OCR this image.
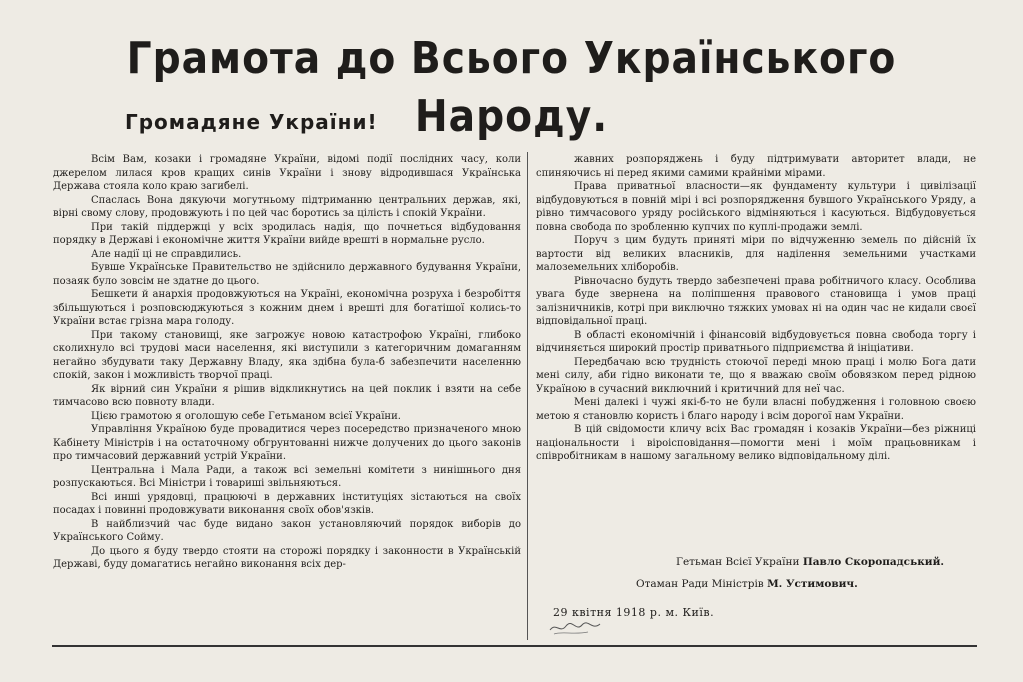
Грамота до Всього Українського Народу.
Громадяне України!

Всім Вам, козаки і громадяне України, відомі події послідних часу, коли джерелом лилася кров кращих синів України і знову відродившася Українська Держава стояла коло краю загибелі.

Спаслась Вона дякуючи могутньому підтриманню центральних держав, які, вірні свому слову, продовжують і по цей час боротись за цілість і спокій України.

При такій піддержці у всіх зродилась надія, що почнеться відбудовання порядку в Державі і економічне життя України вийде врешті в нормальне русло.

Але надії ці не справдились.

Бувше Українське Правительство не здійснило державного будування України, позаяк було зовсім не здатне до цього.

Бешкети й анархія продовжуються на Україні, економічна розруха і безробіття збільшуються і розповсюджуються з кожним днем і врешті для богатішої колись-то України встає грізна мара голоду.

При такому становищі, яке загрожує новою катастрофою Україні, глибоко сколихнуло всі трудові маси населення, які виступили з категоричним домаганням негайно збудувати таку Державну Владу, яка здібна була-б забезпечити населенню спокій, закон і можливість творчої праці.

Як вірний син України я рішив відкликнутись на цей поклик і взяти на себе тимчасово всю повноту влади.

Цією грамотою я оголошую себе Гетьманом всієї України.

Управління Україною буде провадитися через посередство призначеного мною Кабінету Міністрів і на остаточному обгрунтованні нижче долучених до цього законів про тимчасовий державний устрій України.

Центральна і Мала Ради, а також всі земельні комітети з нинішнього дня розпускаються. Всі Міністри і товариші звільняються.

Всі инші урядовці, працюючі в державних інституціях зістаються на своїх посадах і повинні продовжувати виконання своїх обов'язків.

В найблизчий час буде видано закон установляючий порядок виборів до Українського Сойму.

До цього я буду твердо стояти на сторожі порядку і законности в Українській Державі, буду домагатись негайно виконання всіх дер-

жавних розпоряджень і буду підтримувати авторитет влади, не спиняючись ні перед якими самими крайніми мірами.

Права приватньої власности—як фундаменту культури і цивілізації відбудовуються в повній мірі і всі розпорядження бувшого Українського Уряду, а рівно тимчасового уряду російського відміняються і касуються. Відбудовується повна свобода по зробленню купчих по куплі-продажи землі.

Поруч з цим будуть приняті міри по відчуженню земель по дійсній їх вартости від великих власників, для наділення земельними участками малоземельних хліборобів.

Рівночасно будуть твердо забезпечені права робітничого класу. Особлива увага буде звернена на поліпшення правового становища і умов праці залізничників, котрі при виключно тяжких умовах ні на один час не кидали своєї відповідальної праці.

В області економічній і фінансовій відбудовується повна свобода торгу і відчиняється широкий простір приватнього підприємства й ініціативи.

Передбачаю всю трудність стоючої переді мною праці і молю Бога дати мені силу, аби гідно виконати те, що я вважаю своїм обовязком перед рідною Україною в сучасний виключний і критичний для неї час.

Мені далекі і чужі які-б-то не були власні побудження і головною своєю метою я становлю користь і благо народу і всім дорогої нам України.

В цій свідомости кличу всіх Вас громадян і козаків України—без ріжниці національности і віроісповідання—помогти мені і моїм працьовникам і співробітникам в нашому загальному велико відповідальному ділі.

Гетьман Всієї України Павло Скоропадський.
Отаман Ради Міністрів М. Устимович.
29 квітня 1918 р. м. Київ.
